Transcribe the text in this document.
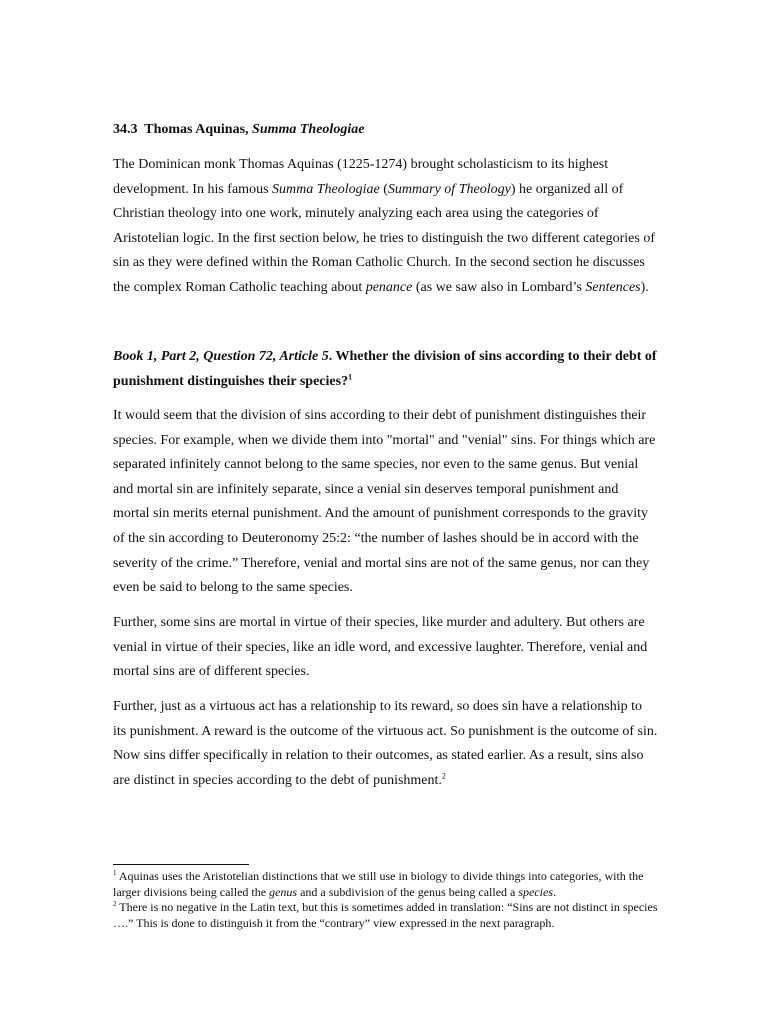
34.3 Thomas Aquinas, Summa Theologiae

The Dominican monk Thomas Aquinas (1225-1274) brought scholasticism to its highest development. In his famous Summa Theologiae (Summary of Theology) he organized all of Christian theology into one work, minutely analyzing each area using the categories of Aristotelian logic. In the first section below, he tries to distinguish the two different categories of sin as they were defined within the Roman Catholic Church. In the second section he discusses the complex Roman Catholic teaching about penance (as we saw also in Lombard’s Sentences).

Book 1, Part 2, Question 72, Article 5. Whether the division of sins according to their debt of punishment distinguishes their species?$^1$

It would seem that the division of sins according to their debt of punishment distinguishes their species. For example, when we divide them into "mortal" and "venial" sins. For things which are separated infinitely cannot belong to the same species, nor even to the same genus. But venial and mortal sin are infinitely separate, since a venial sin deserves temporal punishment and mortal sin merits eternal punishment. And the amount of punishment corresponds to the gravity of the sin according to Deuteronomy 25:2: “the number of lashes should be in accord with the severity of the crime.” Therefore, venial and mortal sins are not of the same genus, nor can they even be said to belong to the same species.

Further, some sins are mortal in virtue of their species, like murder and adultery. But others are venial in virtue of their species, like an idle word, and excessive laughter. Therefore, venial and mortal sins are of different species.

Further, just as a virtuous act has a relationship to its reward, so does sin have a relationship to its punishment. A reward is the outcome of the virtuous act. So punishment is the outcome of sin. Now sins differ specifically in relation to their outcomes, as stated earlier. As a result, sins also are distinct in species according to the debt of punishment.$^2$

$^1$ Aquinas uses the Aristotelian distinctions that we still use in biology to divide things into categories, with the larger divisions being called the genus and a subdivision of the genus being called a species.

$^2$ There is no negative in the Latin text, but this is sometimes added in translation: “Sins are not distinct in species ….” This is done to distinguish it from the “contrary” view expressed in the next paragraph.
